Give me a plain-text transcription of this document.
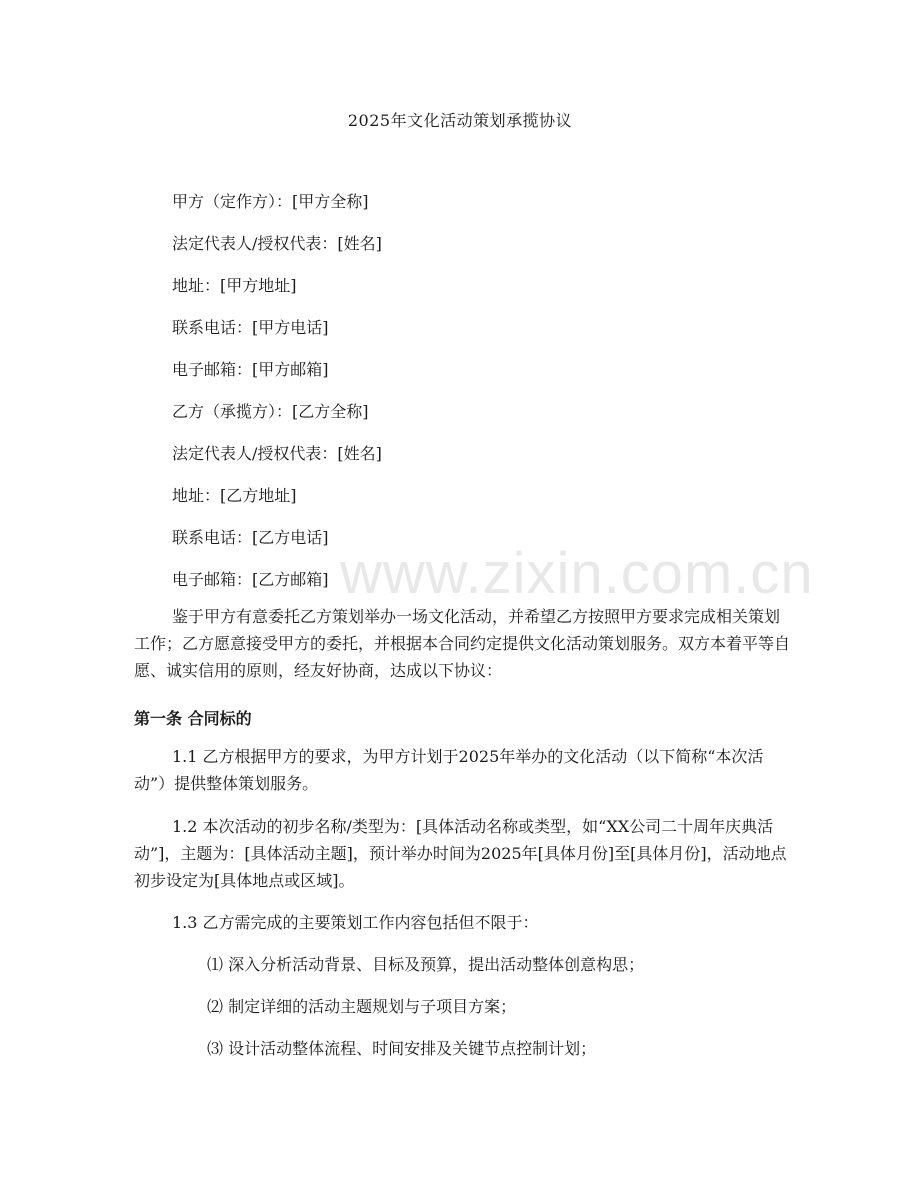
2025年文化活动策划承揽协议
甲方（定作方）：[甲方全称]
法定代表人/授权代表：[姓名]
地址：[甲方地址]
联系电话：[甲方电话]
电子邮箱：[甲方邮箱]
乙方（承揽方）：[乙方全称]
法定代表人/授权代表：[姓名]
地址：[乙方地址]
联系电话：[乙方电话]
电子邮箱：[乙方邮箱]

鉴于甲方有意委托乙方策划举办一场文化活动，并希望乙方按照甲方要求完成相关策划工作；乙方愿意接受甲方的委托，并根据本合同约定提供文化活动策划服务。双方本着平等自愿、诚实信用的原则，经友好协商，达成以下协议：

第一条 合同标的

1.1 乙方根据甲方的要求，为甲方计划于2025年举办的文化活动（以下简称“本次活动”）提供整体策划服务。

1.2 本次活动的初步名称/类型为：[具体活动名称或类型，如“XX公司二十周年庆典活动”]，主题为：[具体活动主题]，预计举办时间为2025年[具体月份]至[具体月份]，活动地点初步设定为[具体地点或区域]。

1.3 乙方需完成的主要策划工作内容包括但不限于：
⑴ 深入分析活动背景、目标及预算，提出活动整体创意构思；
⑵ 制定详细的活动主题规划与子项目方案；
⑶ 设计活动整体流程、时间安排及关键节点控制计划；
www.zixin.com.cn
